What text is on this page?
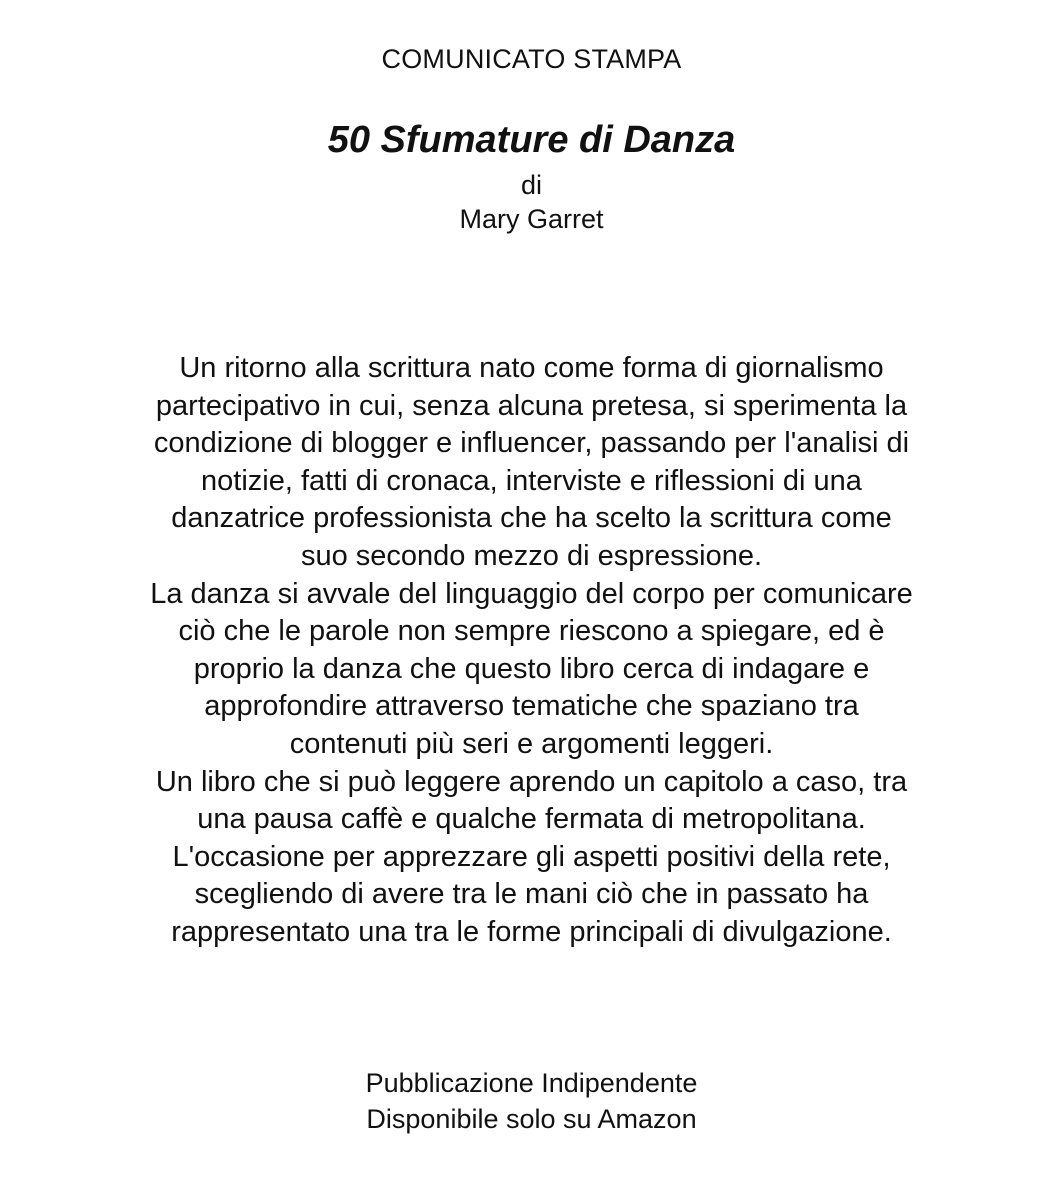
COMUNICATO STAMPA
50 Sfumature di Danza
di
Mary Garret
Un ritorno alla scrittura nato come forma di giornalismo
partecipativo in cui, senza alcuna pretesa, si sperimenta la
condizione di blogger e influencer, passando per l'analisi di
notizie, fatti di cronaca, interviste e riflessioni di una
danzatrice professionista che ha scelto la scrittura come
suo secondo mezzo di espressione.
La danza si avvale del linguaggio del corpo per comunicare
ciò che le parole non sempre riescono a spiegare, ed è
proprio la danza che questo libro cerca di indagare e
approfondire attraverso tematiche che spaziano tra
contenuti più seri e argomenti leggeri.
Un libro che si può leggere aprendo un capitolo a caso, tra
una pausa caffè e qualche fermata di metropolitana.
L'occasione per apprezzare gli aspetti positivi della rete,
scegliendo di avere tra le mani ciò che in passato ha
rappresentato una tra le forme principali di divulgazione.
Pubblicazione Indipendente
Disponibile solo su Amazon
